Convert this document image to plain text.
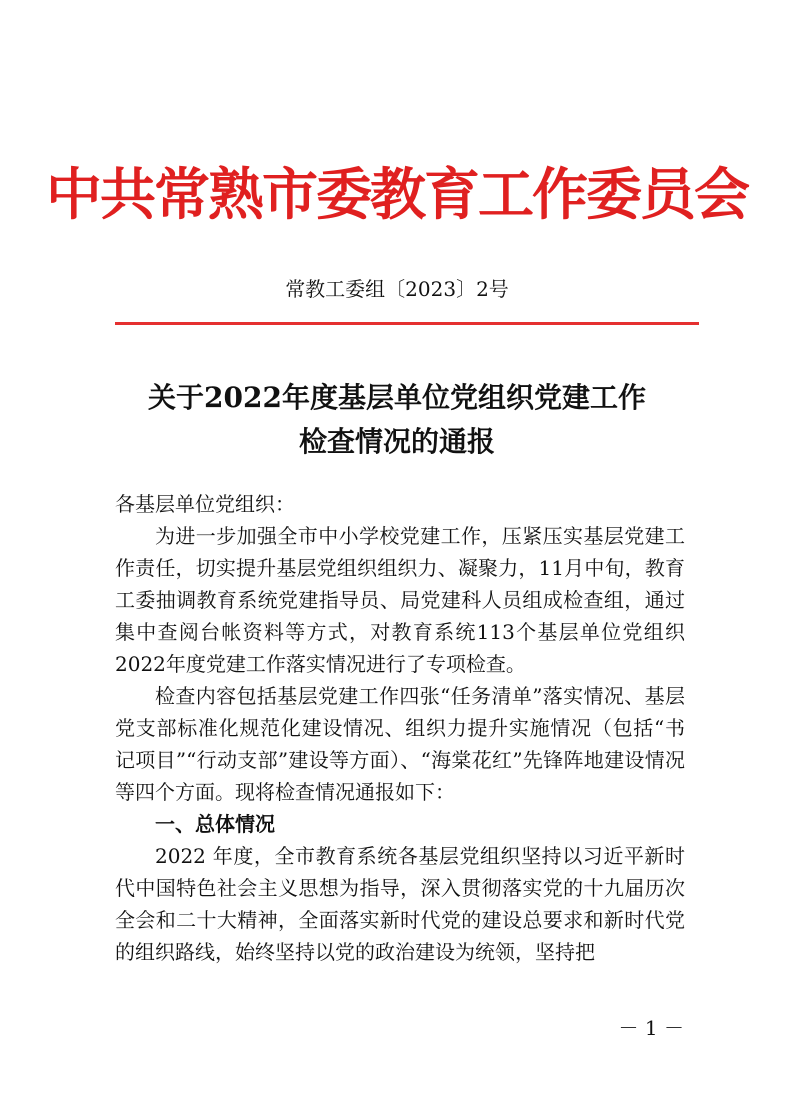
中共常熟市委教育工作委员会
常教工委组〔2023〕2号
关于2022年度基层单位党组织党建工作
检查情况的通报

各基层单位党组织：

为进一步加强全市中小学校党建工作，压紧压实基层党建工作责任，切实提升基层党组织组织力、凝聚力，11月中旬，教育工委抽调教育系统党建指导员、局党建科人员组成检查组，通过集中查阅台帐资料等方式，对教育系统113个基层单位党组织2022年度党建工作落实情况进行了专项检查。

检查内容包括基层党建工作四张“任务清单”落实情况、基层党支部标准化规范化建设情况、组织力提升实施情况（包括“书记项目”“行动支部”建设等方面）、“海棠花红”先锋阵地建设情况等四个方面。现将检查情况通报如下：

一、总体情况

2022 年度，全市教育系统各基层党组织坚持以习近平新时代中国特色社会主义思想为指导，深入贯彻落实党的十九届历次全会和二十大精神，全面落实新时代党的建设总要求和新时代党的组织路线，始终坚持以党的政治建设为统领，坚持把

－ 1 －
